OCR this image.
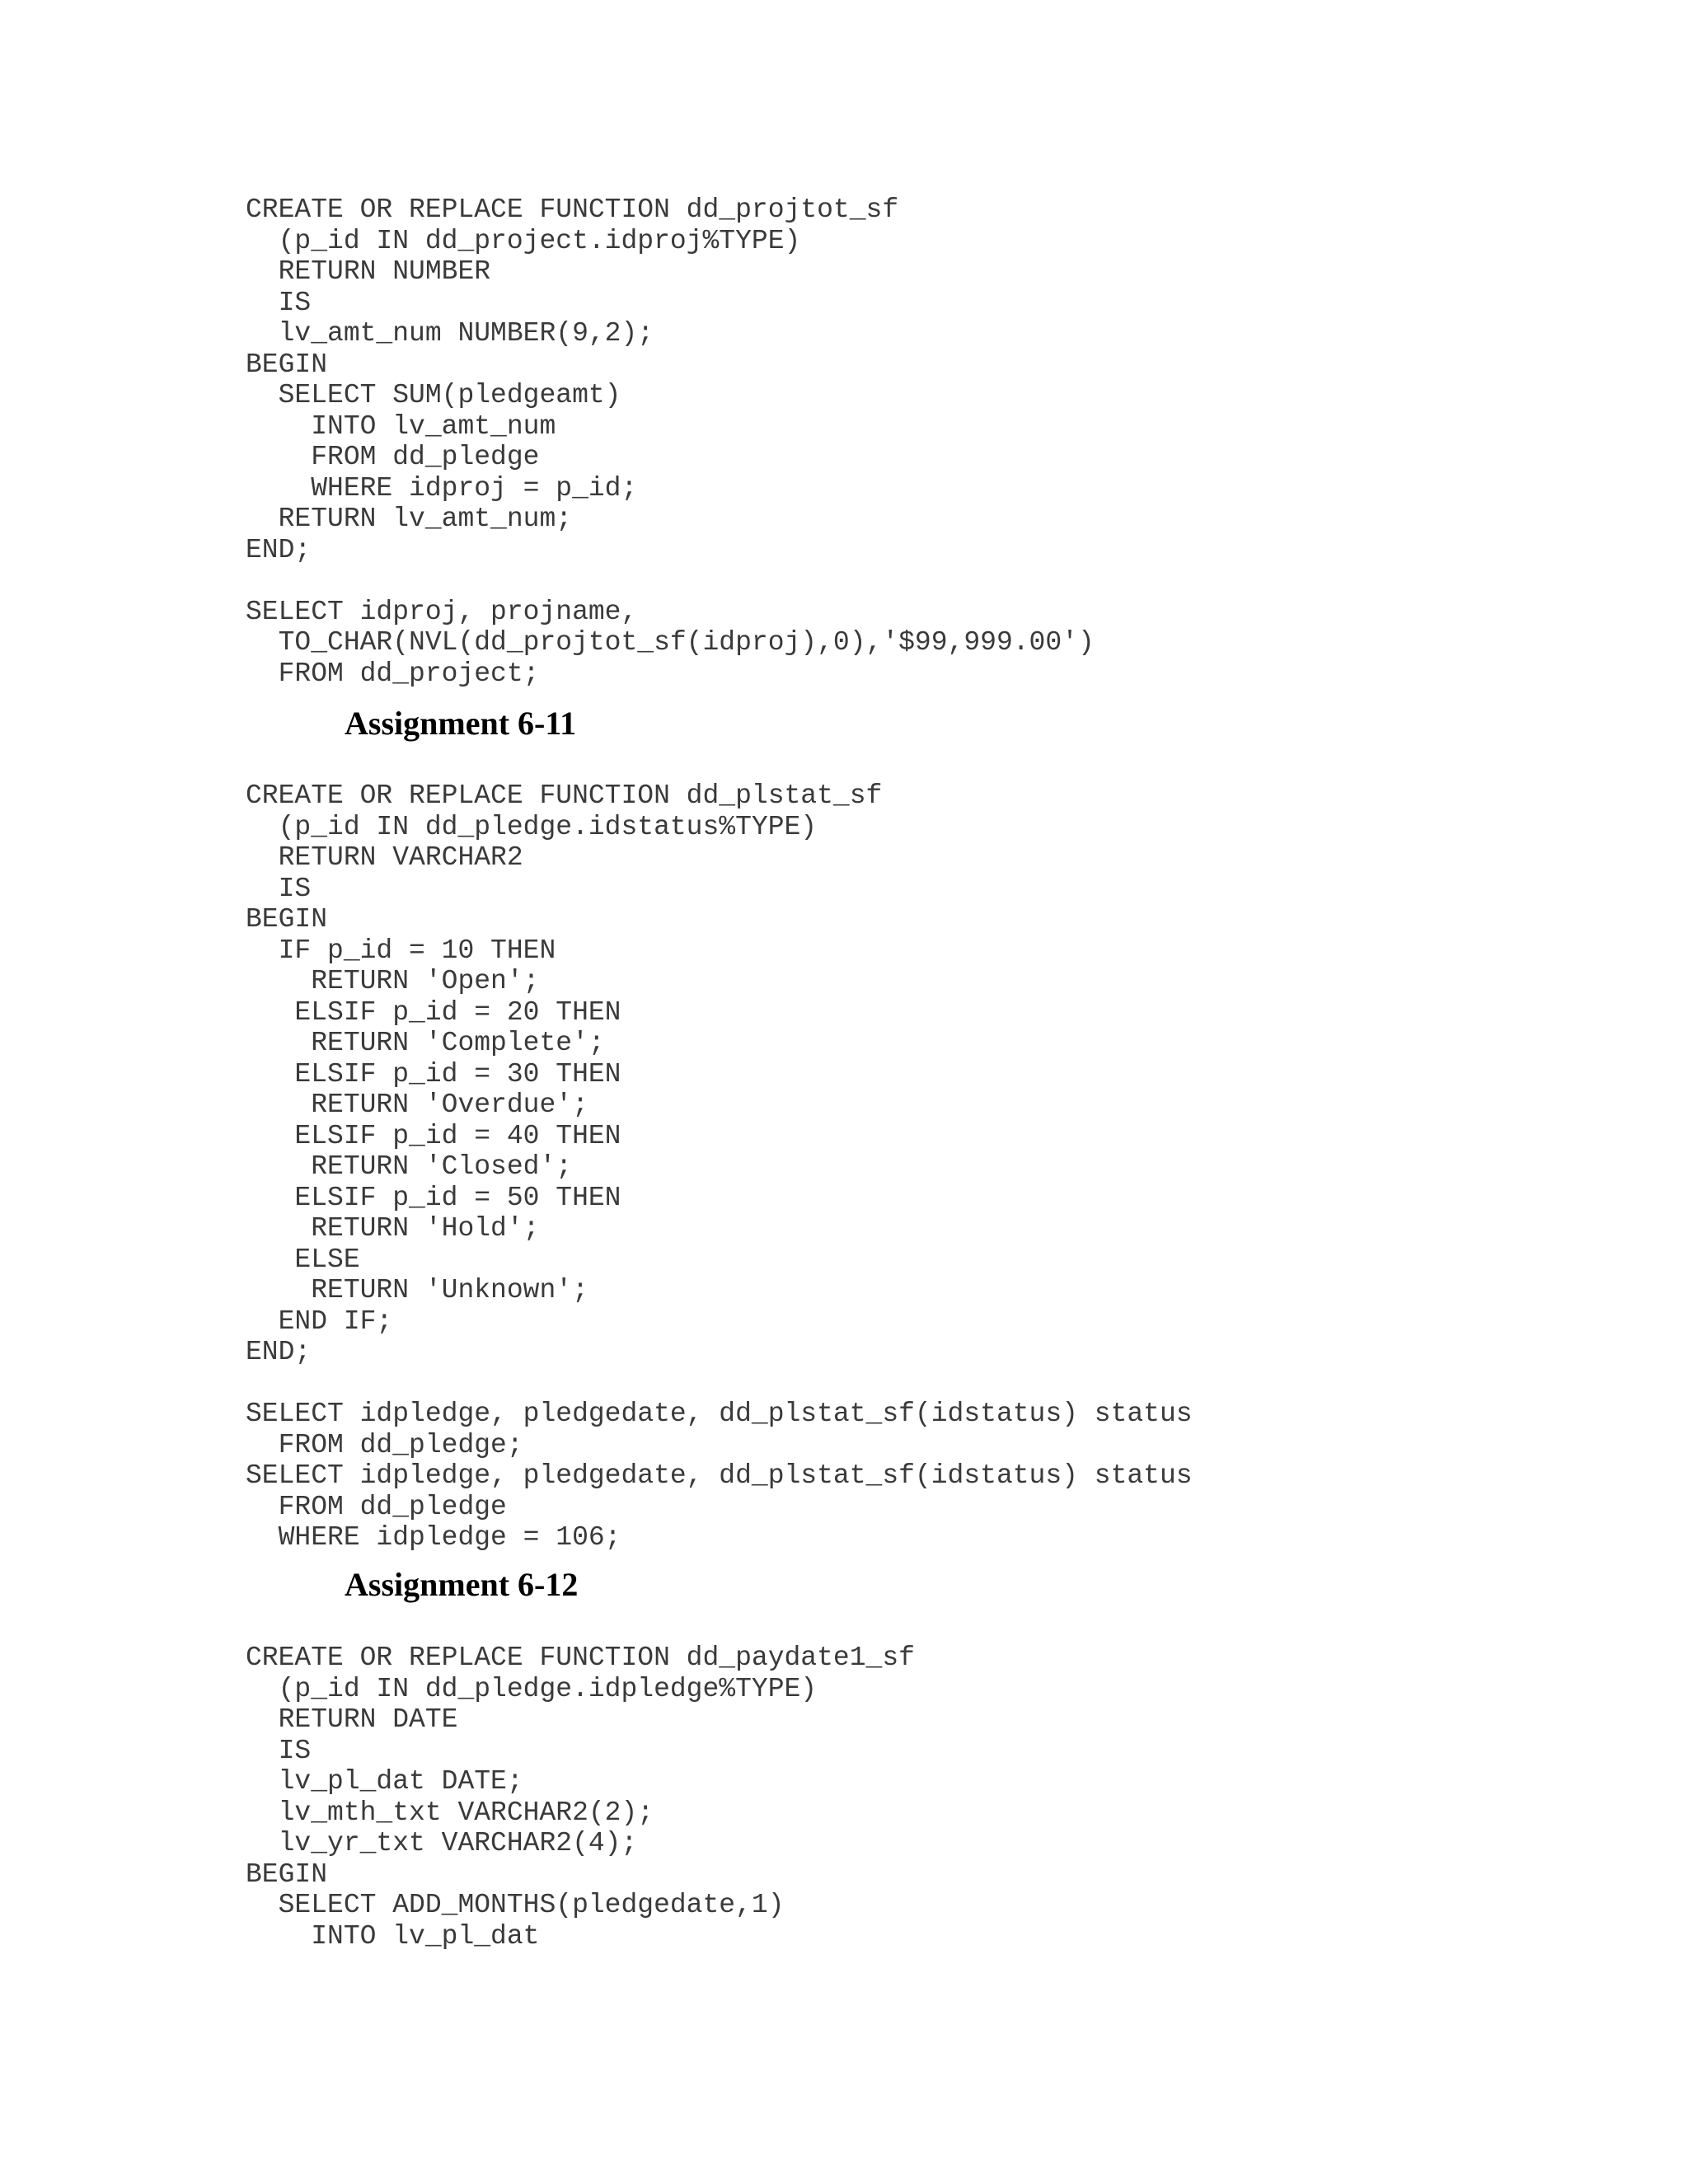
CREATE OR REPLACE FUNCTION dd_projtot_sf
(p_id IN dd_project.idproj%TYPE)
RETURN NUMBER
IS
lv_amt_num NUMBER(9,2);
BEGIN
SELECT SUM(pledgeamt)
INTO lv_amt_num
FROM dd_pledge
WHERE idproj = p_id;
RETURN lv_amt_num;
END;

SELECT idproj, projname,
TO_CHAR(NVL(dd_projtot_sf(idproj),0),'$99,999.00')
FROM dd_project;
Assignment 6-11
CREATE OR REPLACE FUNCTION dd_plstat_sf
(p_id IN dd_pledge.idstatus%TYPE)
RETURN VARCHAR2
IS
BEGIN
IF p_id = 10 THEN
RETURN 'Open';
ELSIF p_id = 20 THEN
RETURN 'Complete';
ELSIF p_id = 30 THEN
RETURN 'Overdue';
ELSIF p_id = 40 THEN
RETURN 'Closed';
ELSIF p_id = 50 THEN
RETURN 'Hold';
ELSE
RETURN 'Unknown';
END IF;
END;

SELECT idpledge, pledgedate, dd_plstat_sf(idstatus) status
FROM dd_pledge;
SELECT idpledge, pledgedate, dd_plstat_sf(idstatus) status
FROM dd_pledge
WHERE idpledge = 106;
Assignment 6-12
CREATE OR REPLACE FUNCTION dd_paydate1_sf
(p_id IN dd_pledge.idpledge%TYPE)
RETURN DATE
IS
lv_pl_dat DATE;
lv_mth_txt VARCHAR2(2);
lv_yr_txt VARCHAR2(4);
BEGIN
SELECT ADD_MONTHS(pledgedate,1)
INTO lv_pl_dat
